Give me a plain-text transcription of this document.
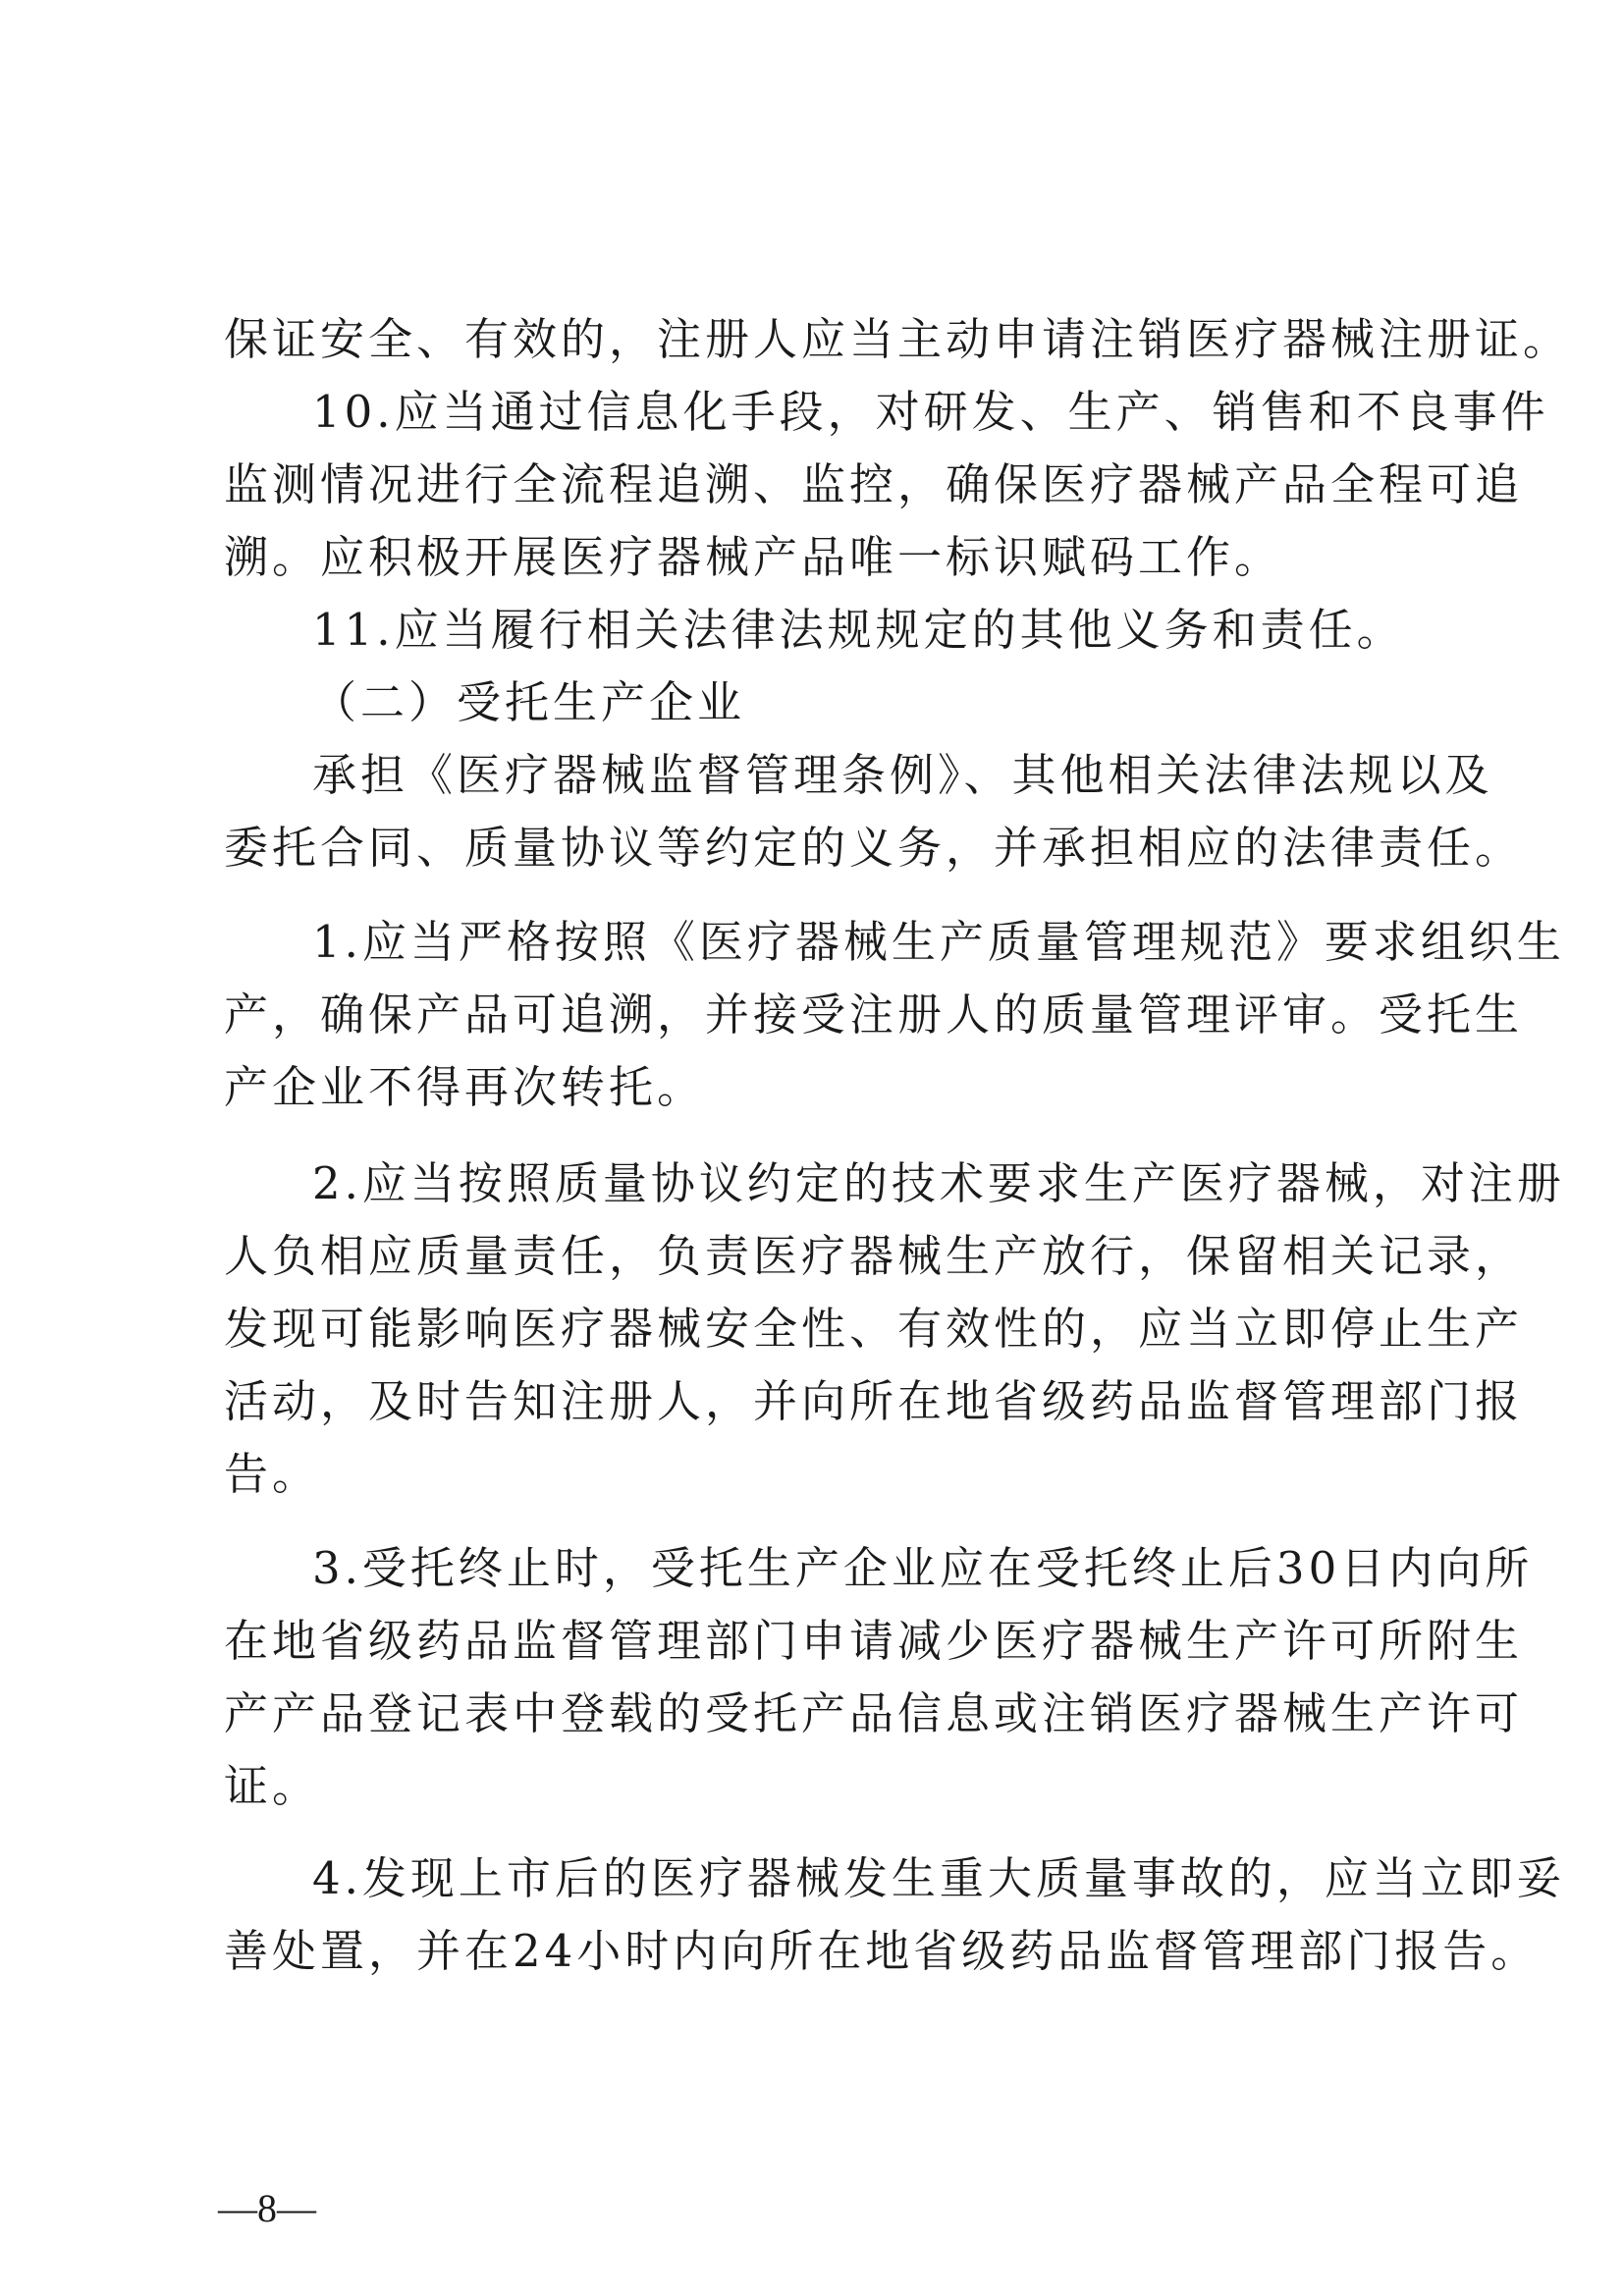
保证安全、有效的，注册人应当主动申请注销医疗器械注册证。
10.应当通过信息化手段，对研发、生产、销售和不良事件
监测情况进行全流程追溯、监控，确保医疗器械产品全程可追
溯。应积极开展医疗器械产品唯一标识赋码工作。
11.应当履行相关法律法规规定的其他义务和责任。
（二）受托生产企业
承担《医疗器械监督管理条例》、其他相关法律法规以及
委托合同、质量协议等约定的义务，并承担相应的法律责任。
1.应当严格按照《医疗器械生产质量管理规范》要求组织生
产，确保产品可追溯，并接受注册人的质量管理评审。受托生
产企业不得再次转托。
2.应当按照质量协议约定的技术要求生产医疗器械，对注册
人负相应质量责任，负责医疗器械生产放行，保留相关记录，
发现可能影响医疗器械安全性、有效性的，应当立即停止生产
活动，及时告知注册人，并向所在地省级药品监督管理部门报
告。
3.受托终止时，受托生产企业应在受托终止后30日内向所
在地省级药品监督管理部门申请减少医疗器械生产许可所附生
产产品登记表中登载的受托产品信息或注销医疗器械生产许可
证。
4.发现上市后的医疗器械发生重大质量事故的，应当立即妥
善处置，并在24小时内向所在地省级药品监督管理部门报告。
—8—
